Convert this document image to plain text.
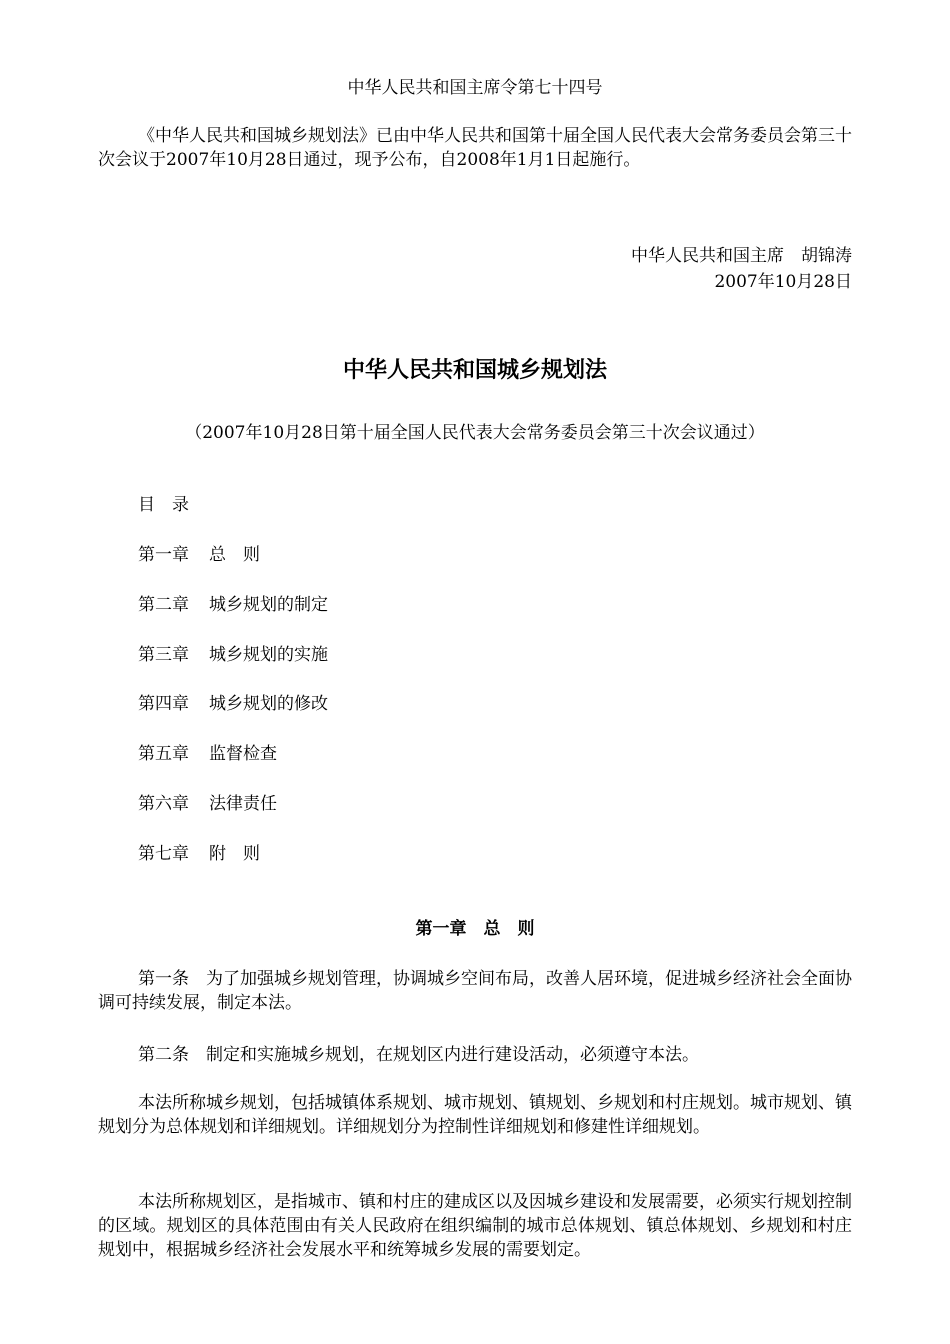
中华人民共和国主席令第七十四号
《中华人民共和国城乡规划法》已由中华人民共和国第十届全国人民代表大会常务委员会第三十次会议于2007年10月28日通过，现予公布，自2008年1月1日起施行。
中华人民共和国主席　胡锦涛
2007年10月28日
中华人民共和国城乡规划法
（2007年10月28日第十届全国人民代表大会常务委员会第三十次会议通过）
目　录
第一章 总　则
第二章 城乡规划的制定
第三章 城乡规划的实施
第四章 城乡规划的修改
第五章 监督检查
第六章 法律责任
第七章 附　则
第一章　总　则
第一条　为了加强城乡规划管理，协调城乡空间布局，改善人居环境，促进城乡经济社会全面协调可持续发展，制定本法。
第二条　制定和实施城乡规划，在规划区内进行建设活动，必须遵守本法。
本法所称城乡规划，包括城镇体系规划、城市规划、镇规划、乡规划和村庄规划。城市规划、镇规划分为总体规划和详细规划。详细规划分为控制性详细规划和修建性详细规划。
本法所称规划区，是指城市、镇和村庄的建成区以及因城乡建设和发展需要，必须实行规划控制的区域。规划区的具体范围由有关人民政府在组织编制的城市总体规划、镇总体规划、乡规划和村庄规划中，根据城乡经济社会发展水平和统筹城乡发展的需要划定。
